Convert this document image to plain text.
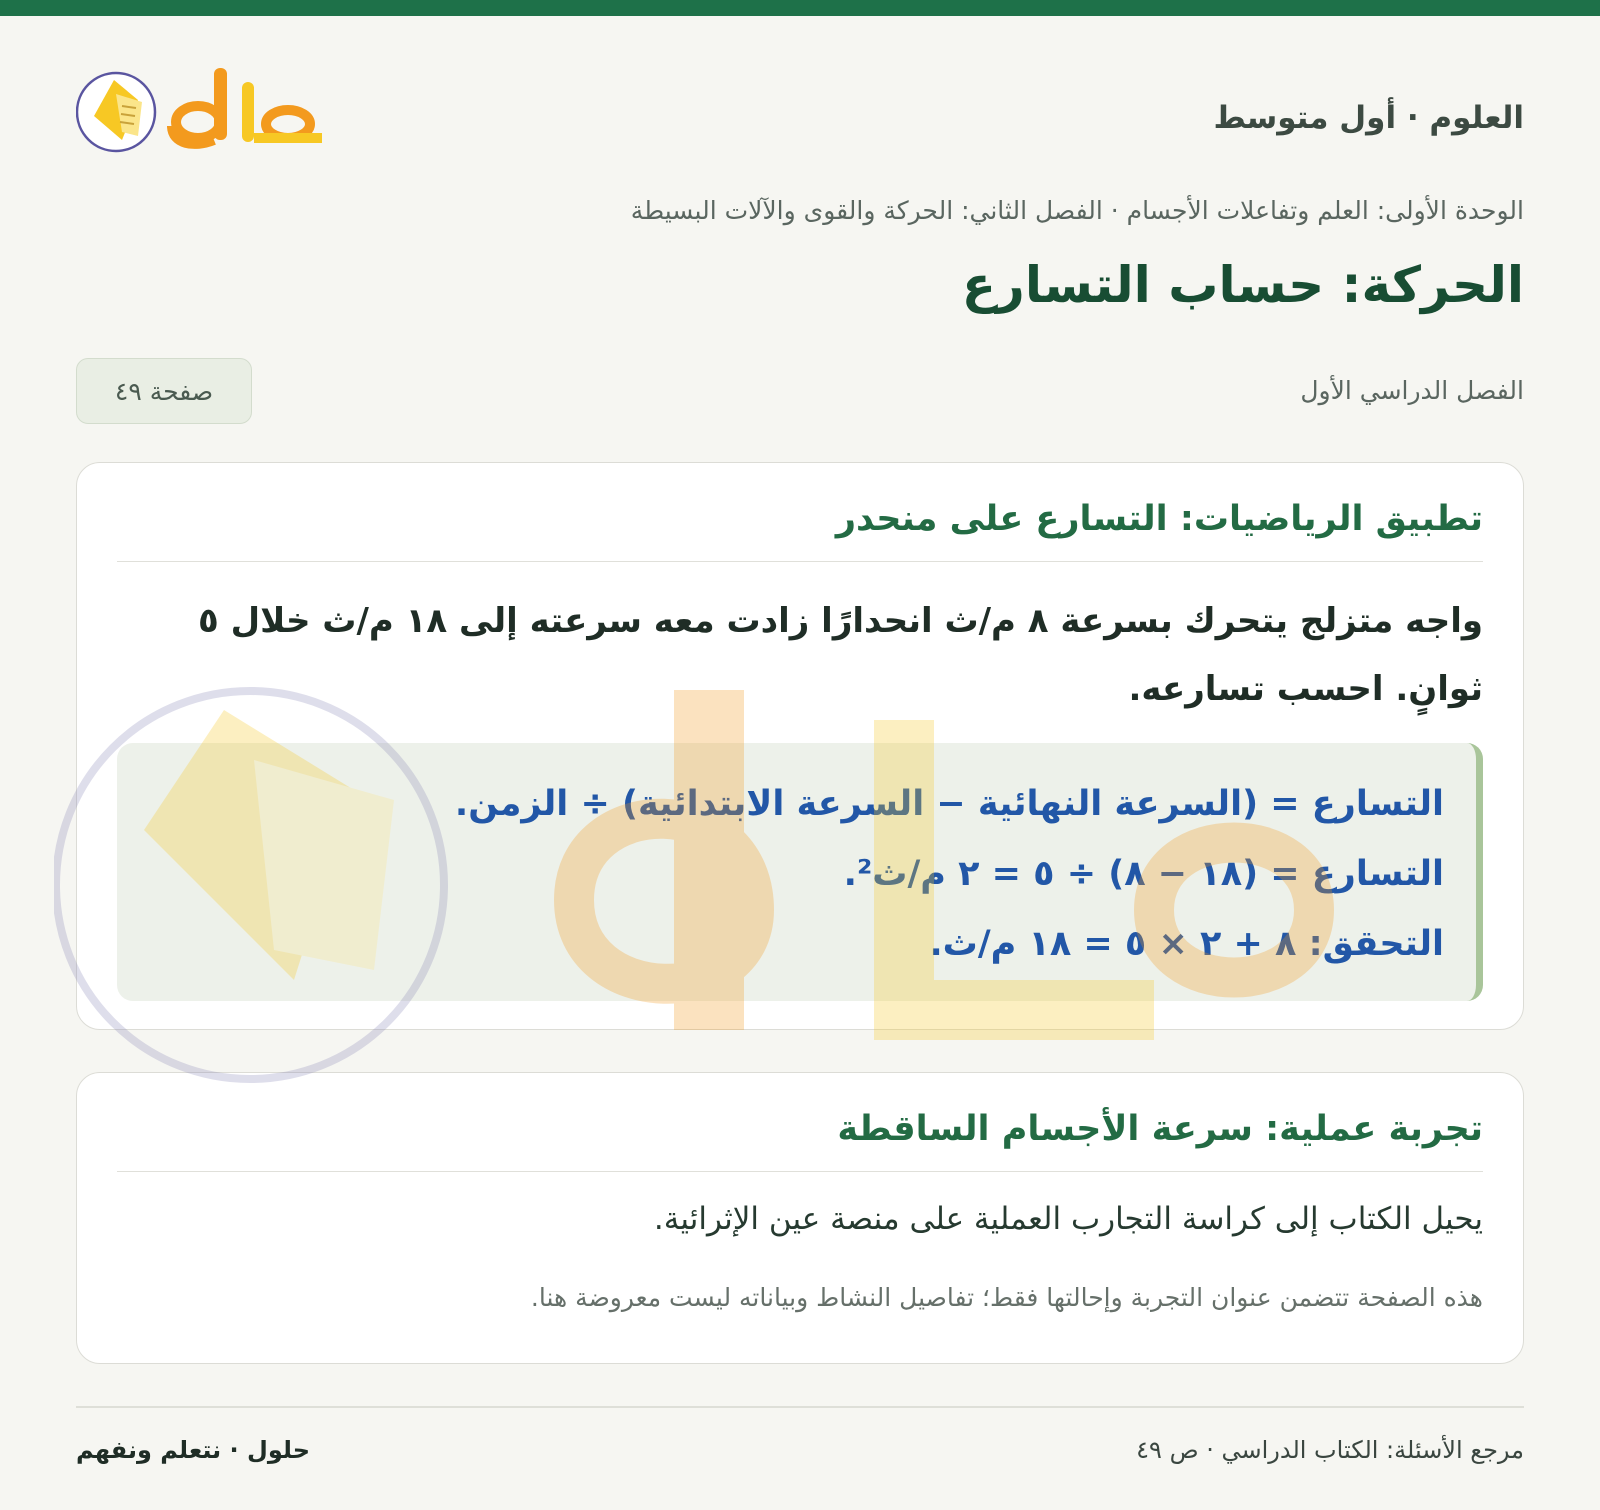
العلوم · أول متوسط
الوحدة الأولى: العلم وتفاعلات الأجسام · الفصل الثاني: الحركة والقوى والآلات البسيطة
الحركة: حساب التسارع
الفصل الدراسي الأول
صفحة ٤٩
تطبيق الرياضيات: التسارع على منحدر

واجه متزلج يتحرك بسرعة ٨ م/ث انحدارًا زادت معه سرعته إلى ١٨ م/ث خلال ٥ ثوانٍ. احسب تسارعه.

التسارع = (السرعة النهائية − السرعة الابتدائية) ÷ الزمن.
التسارع = (١٨ − ٨) ÷ ٥ = ٢ م/ث².
التحقق: ٨ + ٢ × ٥ = ١٨ م/ث.
تجربة عملية: سرعة الأجسام الساقطة

يحيل الكتاب إلى كراسة التجارب العملية على منصة عين الإثرائية.

هذه الصفحة تتضمن عنوان التجربة وإحالتها فقط؛ تفاصيل النشاط وبياناته ليست معروضة هنا.

مرجع الأسئلة: الكتاب الدراسي · ص ٤٩
حلول · نتعلم ونفهم
